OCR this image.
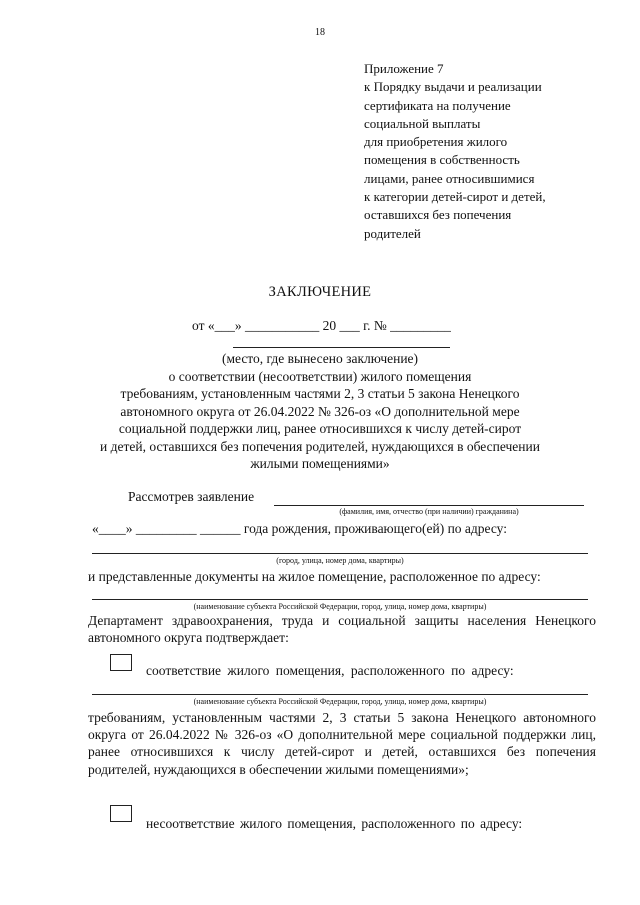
18
Приложение 7
к Порядку выдачи и реализации
сертификата на получение
социальной выплаты
для приобретения жилого
помещения в собственность
лицами, ранее относившимися
к категории детей-сирот и детей,
оставшихся без попечения
родителей
ЗАКЛЮЧЕНИЕ
от «___» ___________ 20 ___ г. № _________
(место, где вынесено заключение)
о соответствии (несоответствии) жилого помещения
требованиям, установленным частями 2, 3 статьи 5 закона Ненецкого
автономного округа от 26.04.2022 № 326-оз «О дополнительной мере
социальной поддержки лиц, ранее относившихся к числу детей-сирот
и детей, оставшихся без попечения родителей, нуждающихся в обеспечении
жилыми помещениями»
Рассмотрев заявление
(фамилия, имя, отчество (при наличии) гражданина)
«____» _________ ______ года рождения, проживающего(ей) по адресу:
(город, улица, номер дома, квартиры)
и представленные документы на жилое помещение, расположенное по адресу:
(наименование субъекта Российской Федерации, город, улица, номер дома, квартиры)
Департамент здравоохранения, труда и социальной защиты населения Ненецкого автономного округа подтверждает:
соответствие жилого помещения, расположенного по адресу:
(наименование субъекта Российской Федерации, город, улица, номер дома, квартиры)
требованиям, установленным частями 2, 3 статьи 5 закона Ненецкого автономного округа от 26.04.2022 № 326-оз «О дополнительной мере социальной поддержки лиц, ранее относившихся к числу детей-сирот и детей, оставшихся без попечения родителей, нуждающихся в обеспечении жилыми помещениями»;
несоответствие жилого помещения, расположенного по адресу:
